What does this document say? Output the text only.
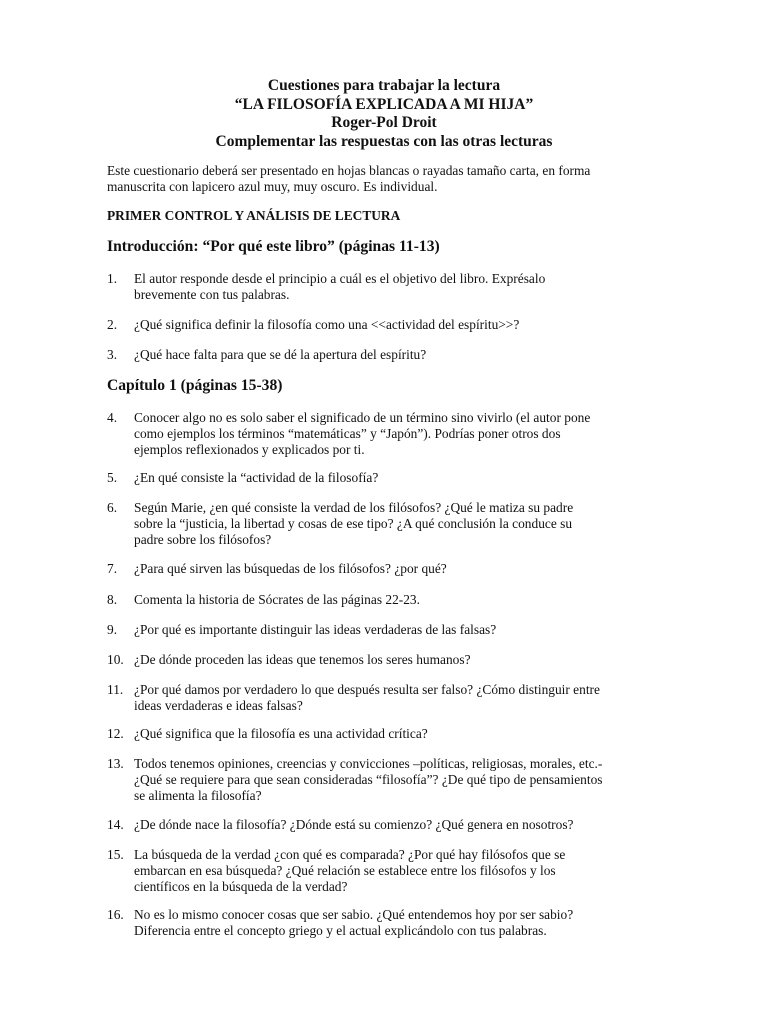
Cuestiones para trabajar la lectura
“LA FILOSOFÍA EXPLICADA A MI HIJA”
Roger-Pol Droit
Complementar las respuestas con las otras lecturas
Este cuestionario deberá ser presentado en hojas blancas o rayadas tamaño carta, en forma
manuscrita con lapicero azul muy, muy oscuro. Es individual.
PRIMER CONTROL Y ANÁLISIS DE LECTURA
Introducción: “Por qué este libro” (páginas 11-13)
1.	El autor responde desde el principio a cuál es el objetivo del libro. Exprésalo
brevemente con tus palabras.
2.	¿Qué significa definir la filosofía como una <<actividad del espíritu>>?
3.	¿Qué hace falta para que se dé la apertura del espíritu?
Capítulo 1 (páginas 15-38)
4.	Conocer algo no es solo saber el significado de un término sino vivirlo (el autor pone
como ejemplos los términos “matemáticas” y “Japón”). Podrías poner otros dos
ejemplos reflexionados y explicados por ti.
5.	¿En qué consiste la “actividad de la filosofía?
6.	Según Marie, ¿en qué consiste la verdad de los filósofos? ¿Qué le matiza su padre
sobre la “justicia, la libertad y cosas de ese tipo? ¿A qué conclusión la conduce su
padre sobre los filósofos?
7.	¿Para qué sirven las búsquedas de los filósofos? ¿por qué?
8.	Comenta la historia de Sócrates de las páginas 22-23.
9.	¿Por qué es importante distinguir las ideas verdaderas de las falsas?
10. ¿De dónde proceden las ideas que tenemos los seres humanos?
11. ¿Por qué damos por verdadero lo que después resulta ser falso? ¿Cómo distinguir entre
ideas verdaderas e ideas falsas?
12. ¿Qué significa que la filosofía es una actividad crítica?
13. Todos tenemos opiniones, creencias y convicciones –políticas, religiosas, morales, etc.-
¿Qué se requiere para que sean consideradas “filosofía”? ¿De qué tipo de pensamientos
se alimenta la filosofía?
14. ¿De dónde nace la filosofía? ¿Dónde está su comienzo? ¿Qué genera en nosotros?
15. La búsqueda de la verdad ¿con qué es comparada? ¿Por qué hay filósofos que se
embarcan en esa búsqueda? ¿Qué relación se establece entre los filósofos y los
científicos en la búsqueda de la verdad?
16. No es lo mismo conocer cosas que ser sabio. ¿Qué entendemos hoy por ser sabio?
Diferencia entre el concepto griego y el actual explicándolo con tus palabras.
